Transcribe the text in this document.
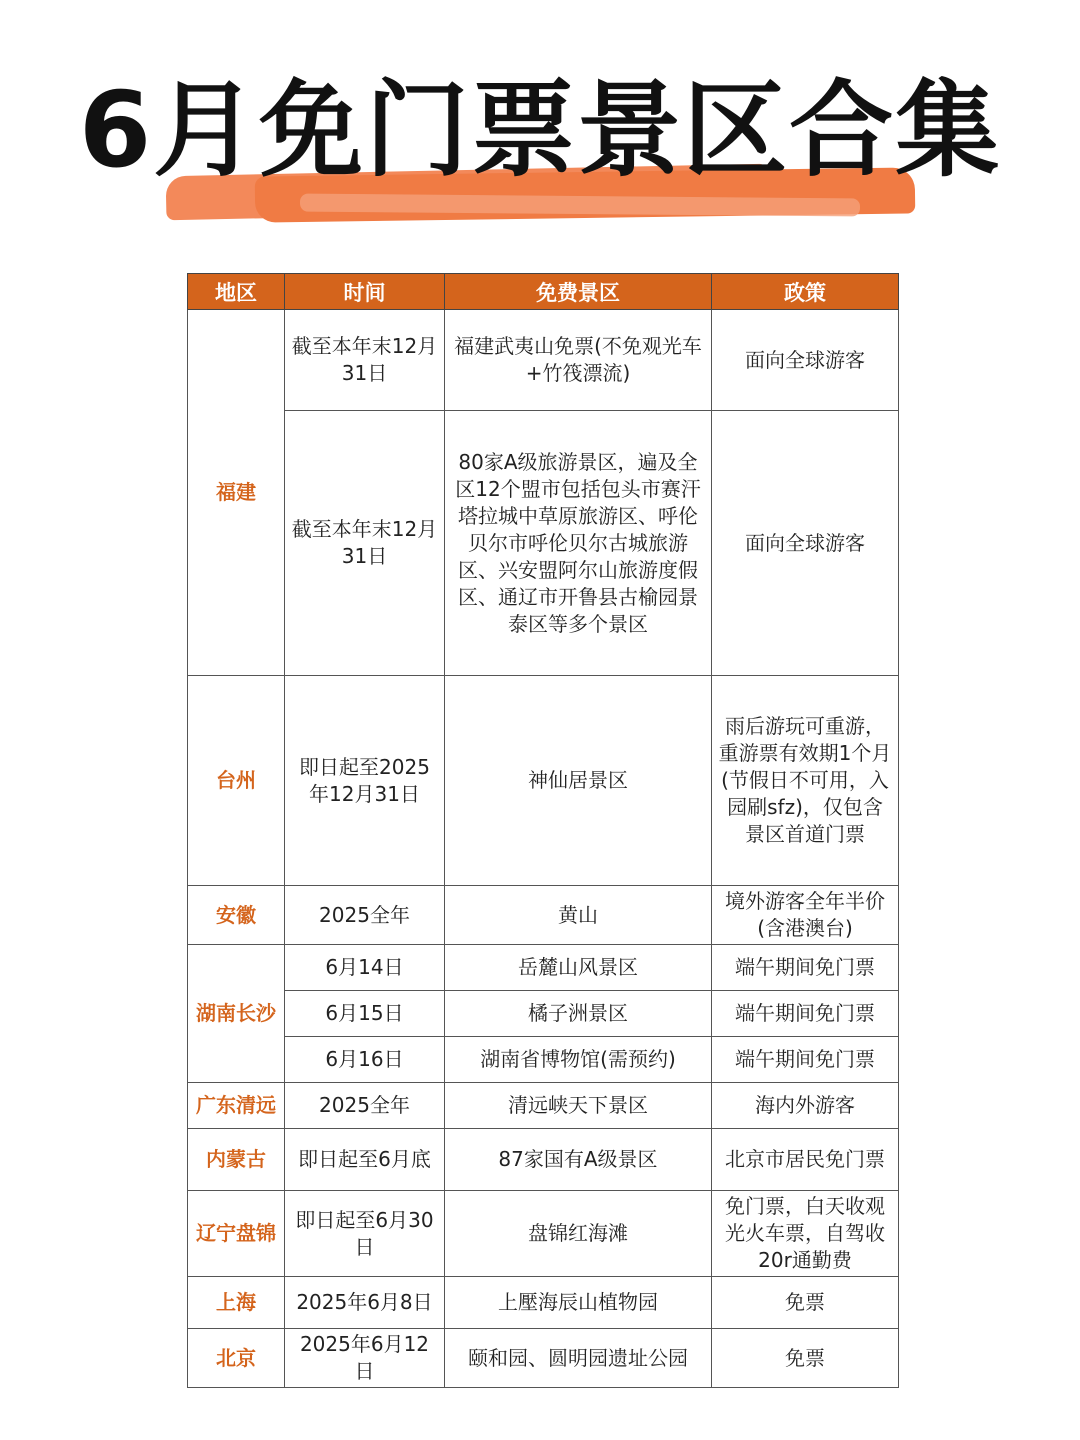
6月免门票景区合集
地区	时间	免费景区	政策
福建	截至本年末12月31日	福建武夷山免票(不免观光车+竹筏漂流)	面向全球游客
	截至本年末12月31日	80家A级旅游景区，遍及全区12个盟市包括包头市赛汗塔拉城中草原旅游区、呼伦贝尔市呼伦贝尔古城旅游区、兴安盟阿尔山旅游度假区、通辽市开鲁县古榆园景泰区等多个景区	面向全球游客
台州	即日起至2025年12月31日	神仙居景区	雨后游玩可重游，重游票有效期1个月(节假日不可用，入园刷sfz)，仅包含景区首道门票
安徽	2025全年	黄山	境外游客全年半价(含港澳台)
湖南长沙	6月14日	岳麓山风景区	端午期间免门票
	6月15日	橘子洲景区	端午期间免门票
	6月16日	湖南省博物馆(需预约)	端午期间免门票
广东清远	2025全年	清远峡天下景区	海内外游客
内蒙古	即日起至6月底	87家国有A级景区	北京市居民免门票
辽宁盘锦	即日起至6月30日	盘锦红海滩	免门票，白天收观光火车票，自驾收20r通勤费
上海	2025年6月8日	上壓海辰山植物园	免票
北京	2025年6月12日	颐和园、圆明园遗址公园	免票
